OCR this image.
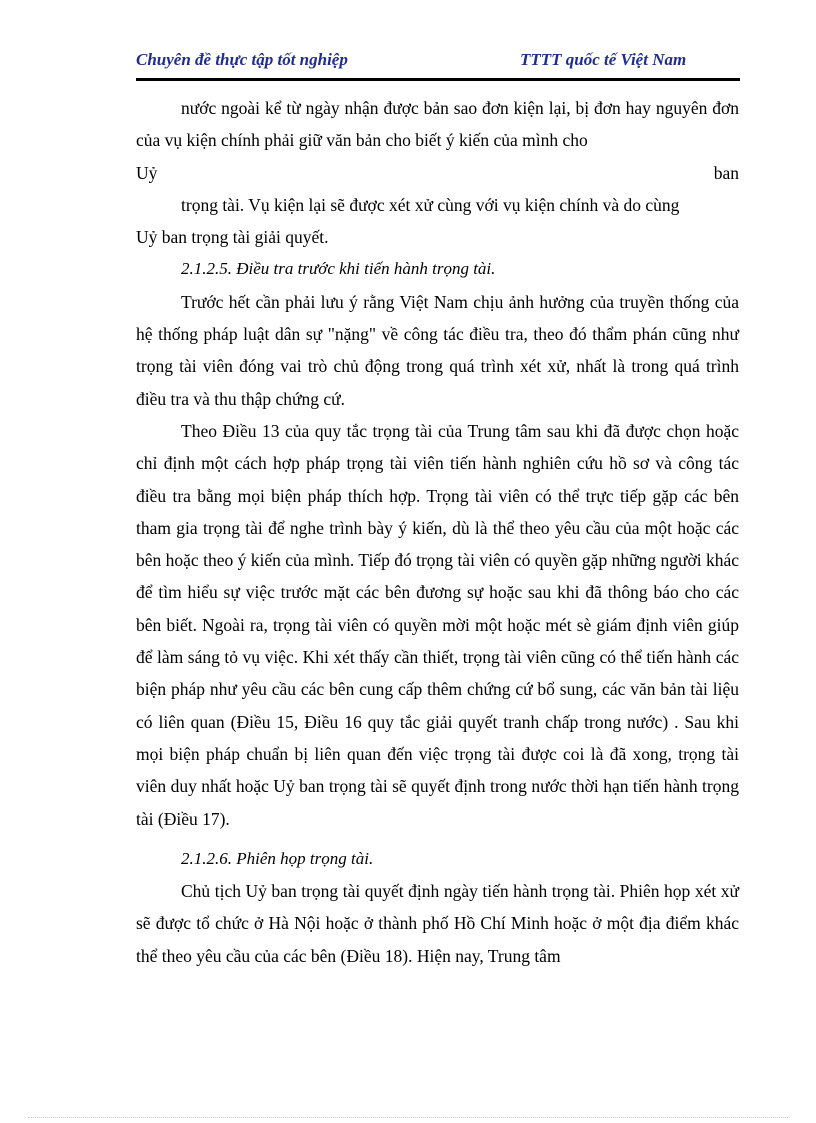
Chuyên đề thực tập tốt nghiệp	TTTT quốc tế Việt Nam

nước ngoài kể từ ngày nhận được bản sao đơn kiện lại, bị đơn hay nguyên đơn của vụ kiện chính phải giữ văn bản cho biết ý kiến của mình cho

Uỷ	ban

trọng tài. Vụ kiện lại sẽ được xét xử cùng với vụ kiện chính và do cùng

Uỷ ban trọng tài giải quyết.

2.1.2.5. Điều tra trước khi tiến hành trọng tài.

Trước hết cần phải lưu ý rằng Việt Nam chịu ảnh hưởng của truyền thống của hệ thống pháp luật dân sự "nặng" về công tác điều tra, theo đó thẩm phán cũng như trọng tài viên đóng vai trò chủ động trong quá trình xét xử, nhất là trong quá trình điều tra và thu thập chứng cứ.

Theo Điều 13 của quy tắc trọng tài của Trung tâm sau khi đã được chọn hoặc chỉ định một cách hợp pháp trọng tài viên tiến hành nghiên cứu hồ sơ và công tác điều tra bằng mọi biện pháp thích hợp. Trọng tài viên có thể trực tiếp gặp các bên tham gia trọng tài để nghe trình bày ý kiến, dù là thể theo yêu cầu của một hoặc các bên hoặc theo ý kiến của mình. Tiếp đó trọng tài viên có quyền gặp những người khác để tìm hiểu sự việc trước mặt các bên đương sự hoặc sau khi đã thông báo cho các bên biết. Ngoài ra, trọng tài viên có quyền mời một hoặc mét sè giám định viên giúp để làm sáng tỏ vụ việc. Khi xét thấy cần thiết, trọng tài viên cũng có thể tiến hành các biện pháp như yêu cầu các bên cung cấp thêm chứng cứ bổ sung, các văn bản tài liệu có liên quan (Điều 15, Điều 16 quy tắc giải quyết tranh chấp trong nước) . Sau khi mọi biện pháp chuẩn bị liên quan đến việc trọng tài được coi là đã xong, trọng tài viên duy nhất hoặc Uỷ ban trọng tài sẽ quyết định trong nước thời hạn tiến hành trọng tài (Điều 17).

2.1.2.6. Phiên họp trọng tài.

Chủ tịch Uỷ ban trọng tài quyết định ngày tiến hành trọng tài. Phiên họp xét xử sẽ được tổ chức ở Hà Nội hoặc ở thành phố Hồ Chí Minh hoặc ở một địa điểm khác thể theo yêu cầu của các bên (Điều 18). Hiện nay, Trung tâm
